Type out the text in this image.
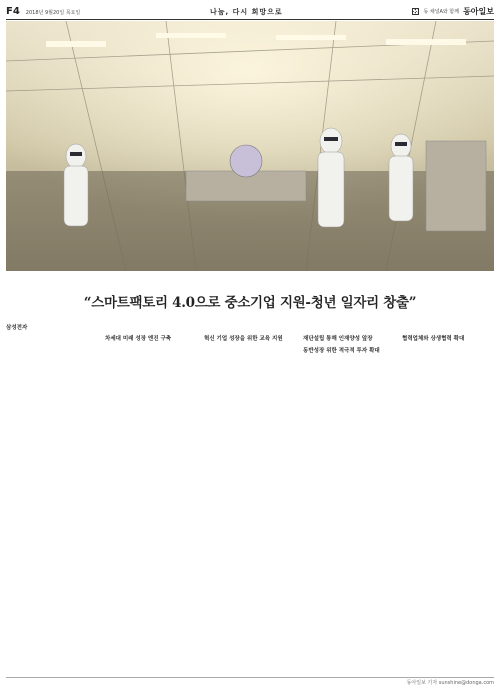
F4 2018년 9월20일 목요일	나눔, 다시 희망으로	동 채널A와 함께 동아일보
“스마트팩토리 4.0으로 중소기업 지원-청년 일자리 창출”
삼성전자
차세대 미래 성장 엔진 구축	혁신 기업 성장을 위한 교육 지원	재단설립 통해 인재양성 앞장
동반성장 위한 적극적 투자 확대
협력업체와 상생협력 확대
동아일보 기자 sunshine@donga.com
